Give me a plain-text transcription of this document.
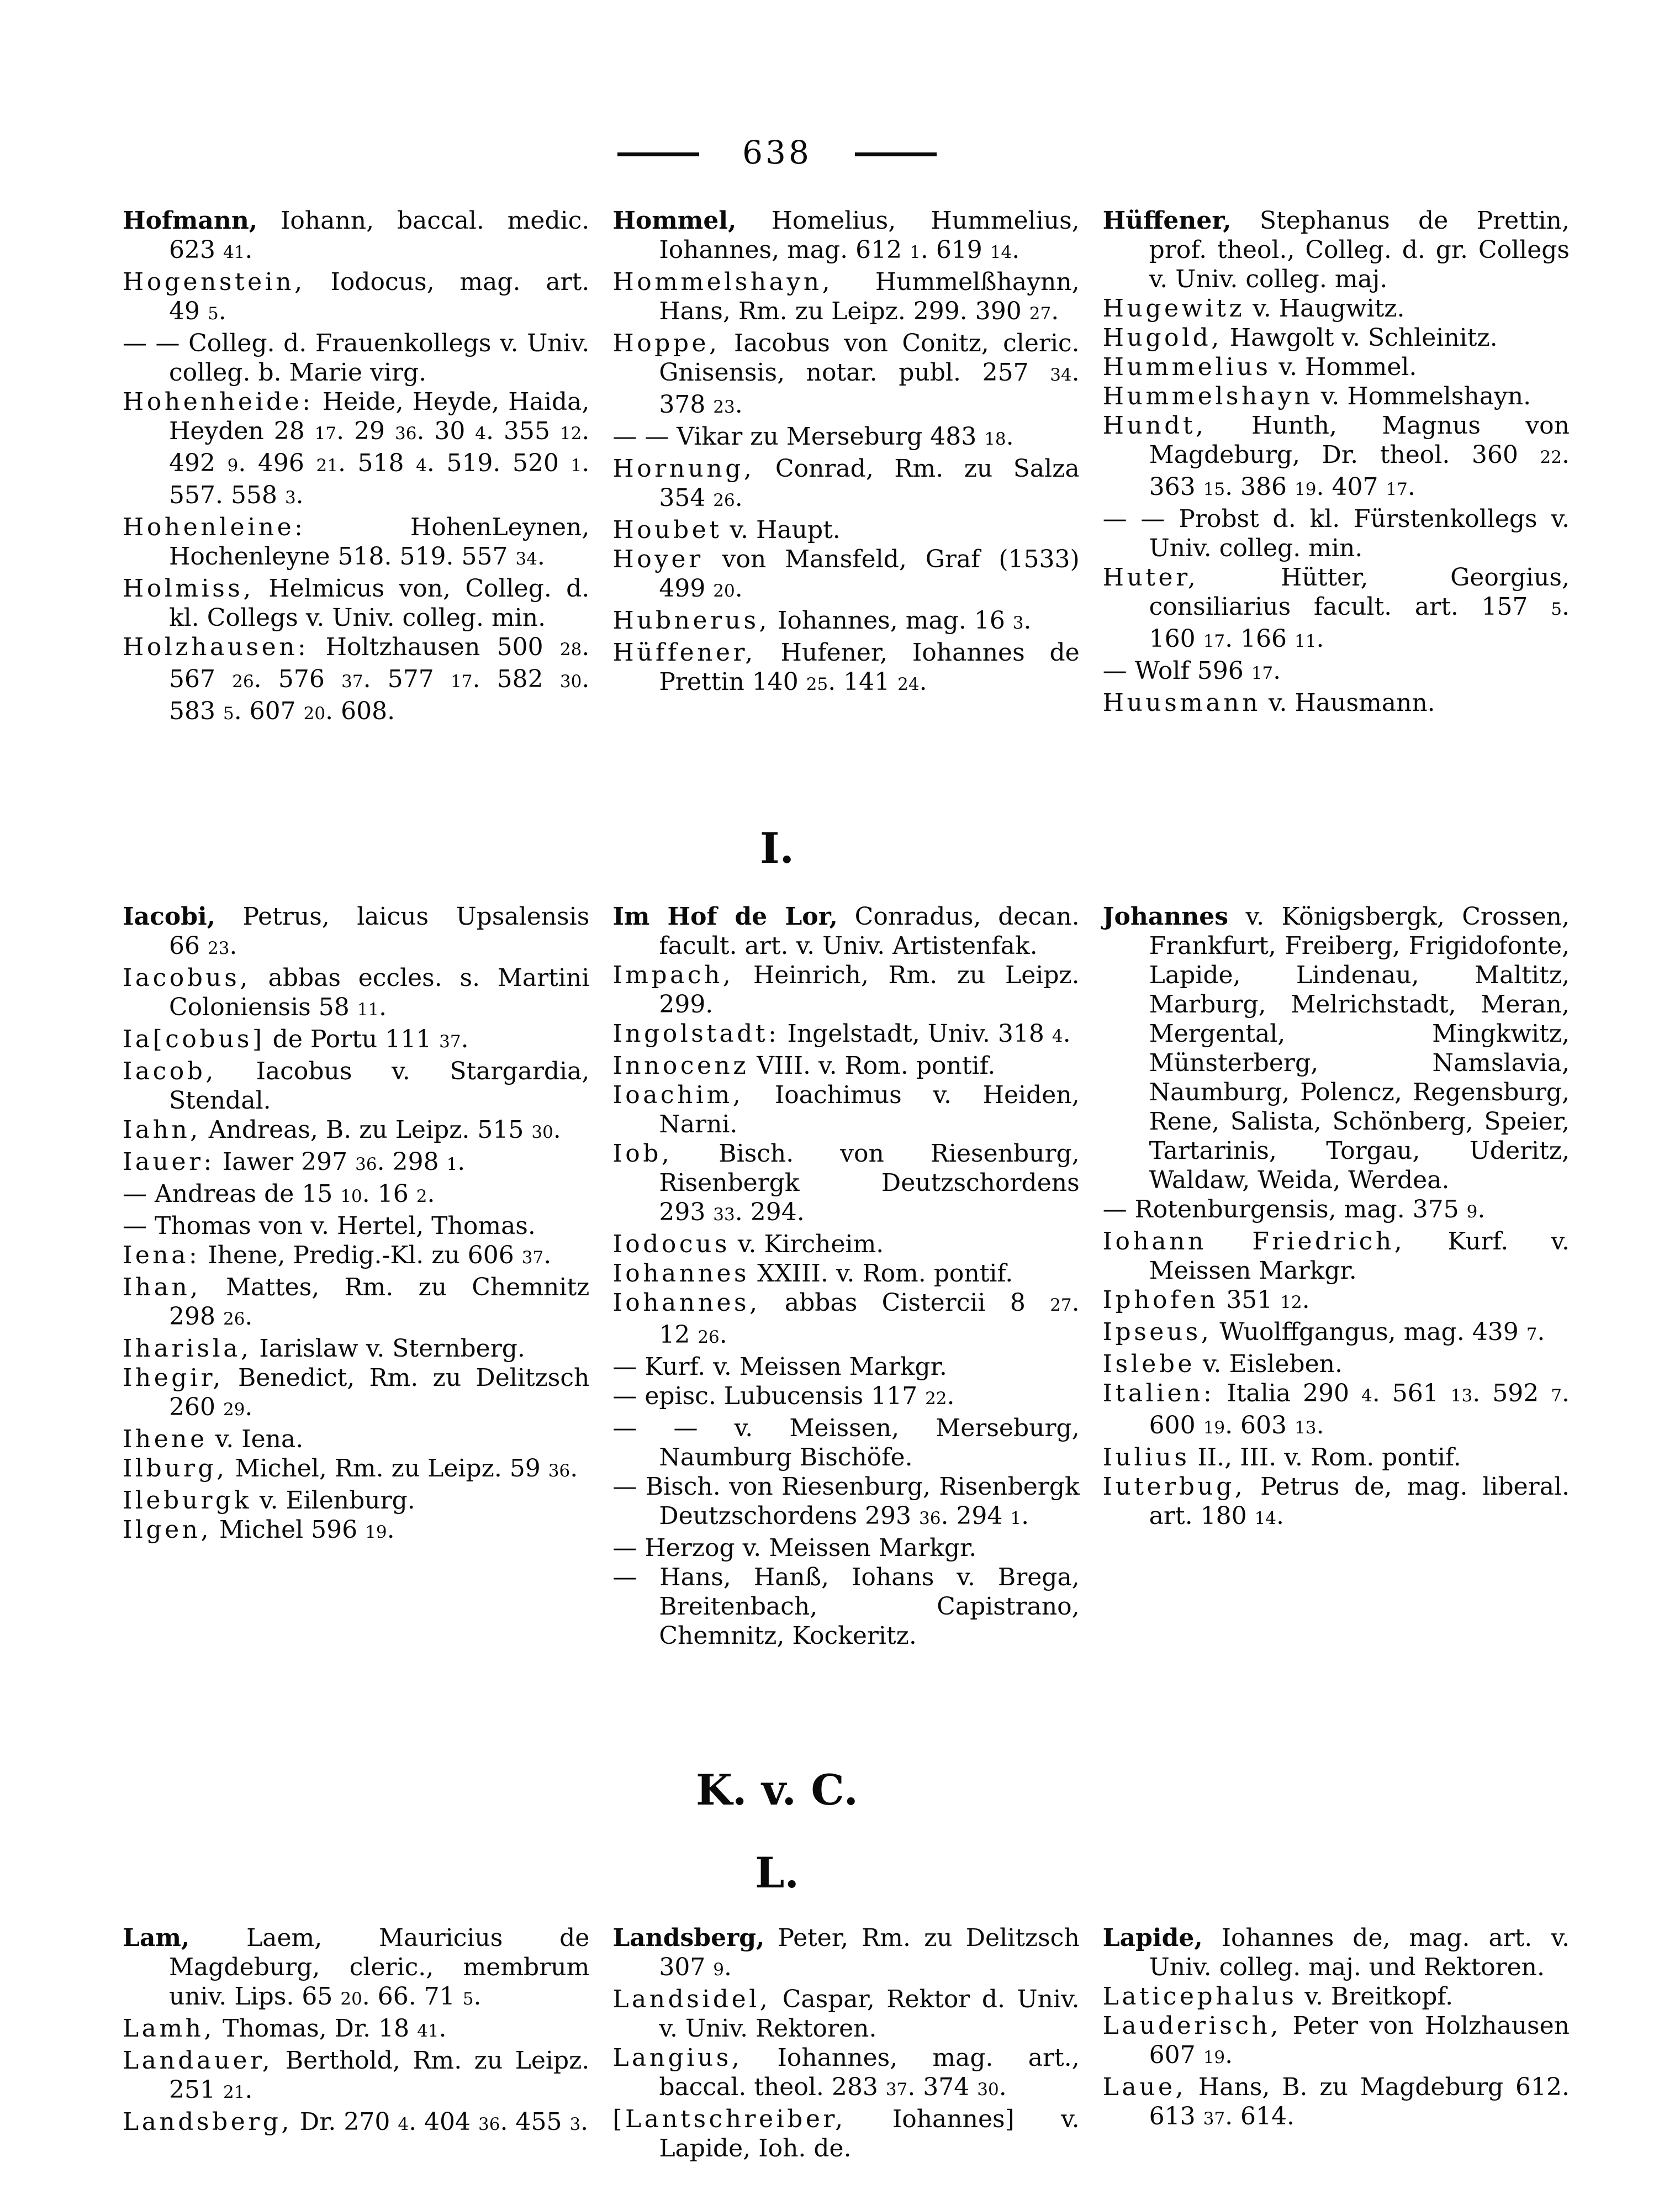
638

Hofmann, Iohann, baccal. medic. 623 41.

Hogenstein, Iodocus, mag. art. 49 5.

— — Colleg. d. Frauenkollegs v. Univ. colleg. b. Marie virg.

Hohenheide: Heide, Heyde, Haida, Heyden 28 17. 29 36. 30 4. 355 12. 492 9. 496 21. 518 4. 519. 520 1. 557. 558 3.

Hohenleine: HohenLeynen, Hochenleyne 518. 519. 557 34.

Holmiss, Helmicus von, Colleg. d. kl. Collegs v. Univ. colleg. min.

Holzhausen: Holtzhausen 500 28. 567 26. 576 37. 577 17. 582 30. 583 5. 607 20. 608.

Hommel, Homelius, Hummelius, Iohannes, mag. 612 1. 619 14.

Hommelshayn, Hummelßhaynn, Hans, Rm. zu Leipz. 299. 390 27.

Hoppe, Iacobus von Conitz, cleric. Gnisensis, notar. publ. 257 34. 378 23.

— — Vikar zu Merseburg 483 18.

Hornung, Conrad, Rm. zu Salza 354 26.

Houbet v. Haupt.

Hoyer von Mansfeld, Graf (1533) 499 20.

Hubnerus, Iohannes, mag. 16 3.

Hüffener, Hufener, Iohannes de Prettin 140 25. 141 24.

Hüffener, Stephanus de Prettin, prof. theol., Colleg. d. gr. Collegs v. Univ. colleg. maj.

Hugewitz v. Haugwitz.

Hugold, Hawgolt v. Schleinitz.

Hummelius v. Hommel.

Hummelshayn v. Hommelshayn.

Hundt, Hunth, Magnus von Magdeburg, Dr. theol. 360 22. 363 15. 386 19. 407 17.

— — Probst d. kl. Fürstenkollegs v. Univ. colleg. min.

Huter, Hütter, Georgius, consiliarius facult. art. 157 5. 160 17. 166 11.

— Wolf 596 17.

Huusmann v. Hausmann.

I.

Iacobi, Petrus, laicus Upsalensis 66 23.

Iacobus, abbas eccles. s. Martini Coloniensis 58 11.

Ia[cobus] de Portu 111 37.

Iacob, Iacobus v. Stargardia, Stendal.

Iahn, Andreas, B. zu Leipz. 515 30.

Iauer: Iawer 297 36. 298 1.

— Andreas de 15 10. 16 2.

— Thomas von v. Hertel, Thomas.

Iena: Ihene, Predig.-Kl. zu 606 37.

Ihan, Mattes, Rm. zu Chemnitz 298 26.

Iharisla, Iarislaw v. Sternberg.

Ihegir, Benedict, Rm. zu Delitzsch 260 29.

Ihene v. Iena.

Ilburg, Michel, Rm. zu Leipz. 59 36.

Ileburgk v. Eilenburg.

Ilgen, Michel 596 19.

Im Hof de Lor, Conradus, decan. facult. art. v. Univ. Artistenfak.

Impach, Heinrich, Rm. zu Leipz. 299.

Ingolstadt: Ingelstadt, Univ. 318 4.

Innocenz VIII. v. Rom. pontif.

Ioachim, Ioachimus v. Heiden, Narni.

Iob, Bisch. von Riesenburg, Risenbergk Deutzschordens 293 33. 294.

Iodocus v. Kircheim.

Iohannes XXIII. v. Rom. pontif.

Iohannes, abbas Cistercii 8 27. 12 26.

— Kurf. v. Meissen Markgr.

— episc. Lubucensis 117 22.

— — v. Meissen, Merseburg, Naumburg Bischöfe.

— Bisch. von Riesenburg, Risenbergk Deutzschordens 293 36. 294 1.

— Herzog v. Meissen Markgr.

— Hans, Hanß, Iohans v. Brega, Breitenbach, Capistrano, Chemnitz, Kockeritz.

Johannes v. Königsbergk, Crossen, Frankfurt, Freiberg, Frigidofonte, Lapide, Lindenau, Maltitz, Marburg, Melrichstadt, Meran, Mergental, Mingkwitz, Münsterberg, Namslavia, Naumburg, Polencz, Regensburg, Rene, Salista, Schönberg, Speier, Tartarinis, Torgau, Uderitz, Waldaw, Weida, Werdea.

— Rotenburgensis, mag. 375 9.

Iohann Friedrich, Kurf. v. Meissen Markgr.

Iphofen 351 12.

Ipseus, Wuolffgangus, mag. 439 7.

Islebe v. Eisleben.

Italien: Italia 290 4. 561 13. 592 7. 600 19. 603 13.

Iulius II., III. v. Rom. pontif.

Iuterbug, Petrus de, mag. liberal. art. 180 14.

K. v. C.
L.

Lam, Laem, Mauricius de Magdeburg, cleric., membrum univ. Lips. 65 20. 66. 71 5.

Lamh, Thomas, Dr. 18 41.

Landauer, Berthold, Rm. zu Leipz. 251 21.

Landsberg, Dr. 270 4. 404 36. 455 3.

Landsberg, Peter, Rm. zu Delitzsch 307 9.

Landsidel, Caspar, Rektor d. Univ. v. Univ. Rektoren.

Langius, Iohannes, mag. art., baccal. theol. 283 37. 374 30.

[Lantschreiber, Iohannes] v. Lapide, Ioh. de.

Lapide, Iohannes de, mag. art. v. Univ. colleg. maj. und Rektoren.

Laticephalus v. Breitkopf.

Lauderisch, Peter von Holzhausen 607 19.

Laue, Hans, B. zu Magdeburg 612. 613 37. 614.
